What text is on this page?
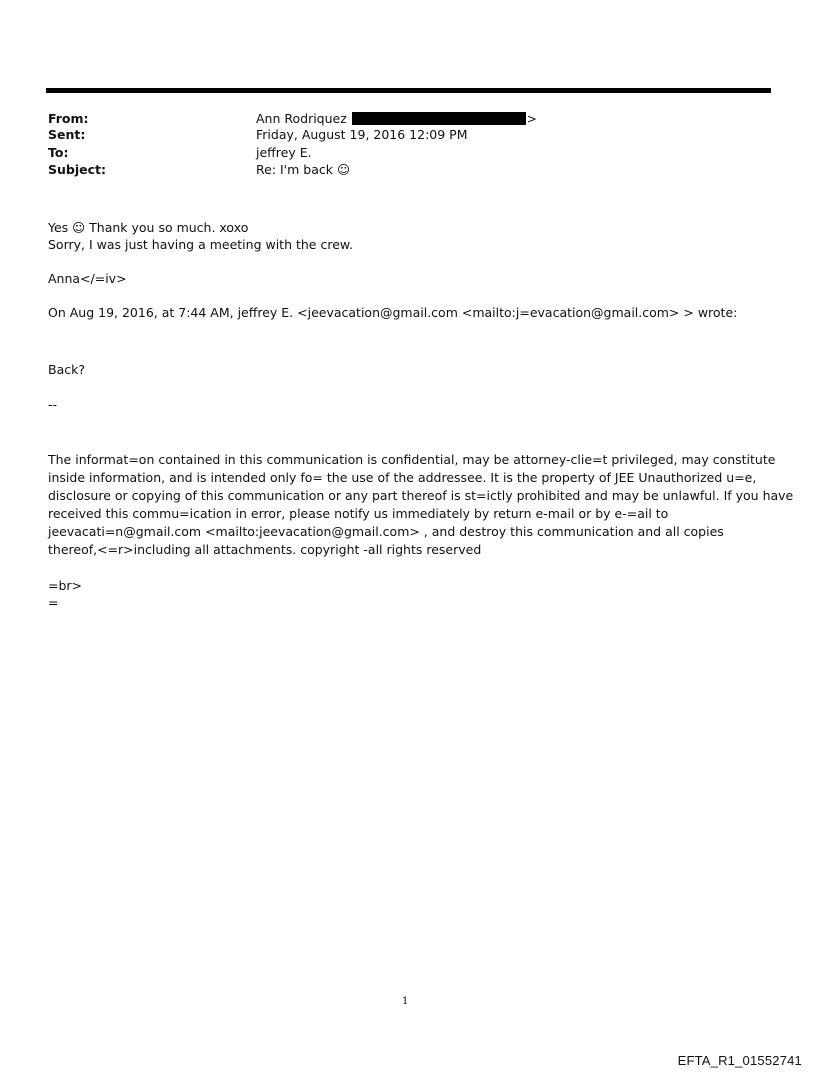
From:	Ann Rodriquez	>
Sent:	Friday, August 19, 2016 12:09 PM
To:	jeffrey E.
Subject:	Re: I'm back ☺
Yes ☺ Thank you so much. xoxo
Sorry, I was just having a meeting with the crew.
Anna</=iv>
On Aug 19, 2016, at 7:44 AM, jeffrey E. <jeevacation@gmail.com <mailto:j=evacation@gmail.com> > wrote:
Back?
--
The informat=on contained in this communication is confidential, may be attorney-clie=t privileged, may constitute
inside information, and is intended only fo= the use of the addressee. It is the property of JEE Unauthorized u=e,
disclosure or copying of this communication or any part thereof is st=ictly prohibited and may be unlawful. If you have
received this commu=ication in error, please notify us immediately by return e-mail or by e-=ail to
jeevacati=n@gmail.com <mailto:jeevacation@gmail.com> , and destroy this communication and all copies
thereof,<=r>including all attachments. copyright -all rights reserved
=br>
=
1
EFTA_R1_01552741
